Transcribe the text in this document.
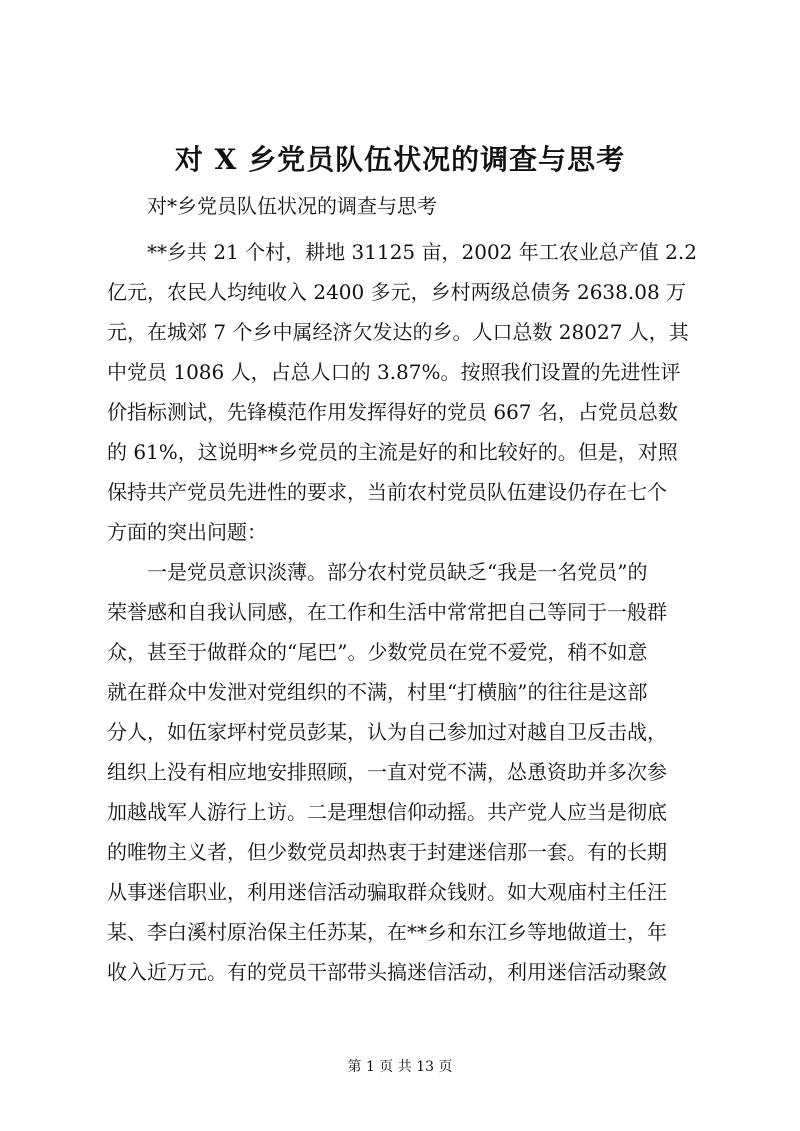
对 X 乡党员队伍状况的调查与思考

对*乡党员队伍状况的调查与思考

**乡共 21 个村，耕地 31125 亩，2002 年工农业总产值 2.2

亿元，农民人均纯收入 2400 多元，乡村两级总债务 2638.08 万

元，在城郊 7 个乡中属经济欠发达的乡。人口总数 28027 人，其

中党员 1086 人，占总人口的 3.87%。按照我们设置的先进性评

价指标测试，先锋模范作用发挥得好的党员 667 名，占党员总数

的 61%，这说明**乡党员的主流是好的和比较好的。但是，对照

保持共产党员先进性的要求，当前农村党员队伍建设仍存在七个

方面的突出问题：

一是党员意识淡薄。部分农村党员缺乏“我是一名党员”的

荣誉感和自我认同感，在工作和生活中常常把自己等同于一般群

众，甚至于做群众的“尾巴”。少数党员在党不爱党，稍不如意

就在群众中发泄对党组织的不满，村里“打横脑”的往往是这部

分人，如伍家坪村党员彭某，认为自己参加过对越自卫反击战，

组织上没有相应地安排照顾，一直对党不满，怂恿资助并多次参

加越战军人游行上访。二是理想信仰动摇。共产党人应当是彻底

的唯物主义者，但少数党员却热衷于封建迷信那一套。有的长期

从事迷信职业，利用迷信活动骗取群众钱财。如大观庙村主任汪

某、李白溪村原治保主任苏某，在**乡和东江乡等地做道士，年

收入近万元。有的党员干部带头搞迷信活动，利用迷信活动聚敛

第 1 页 共 13 页
